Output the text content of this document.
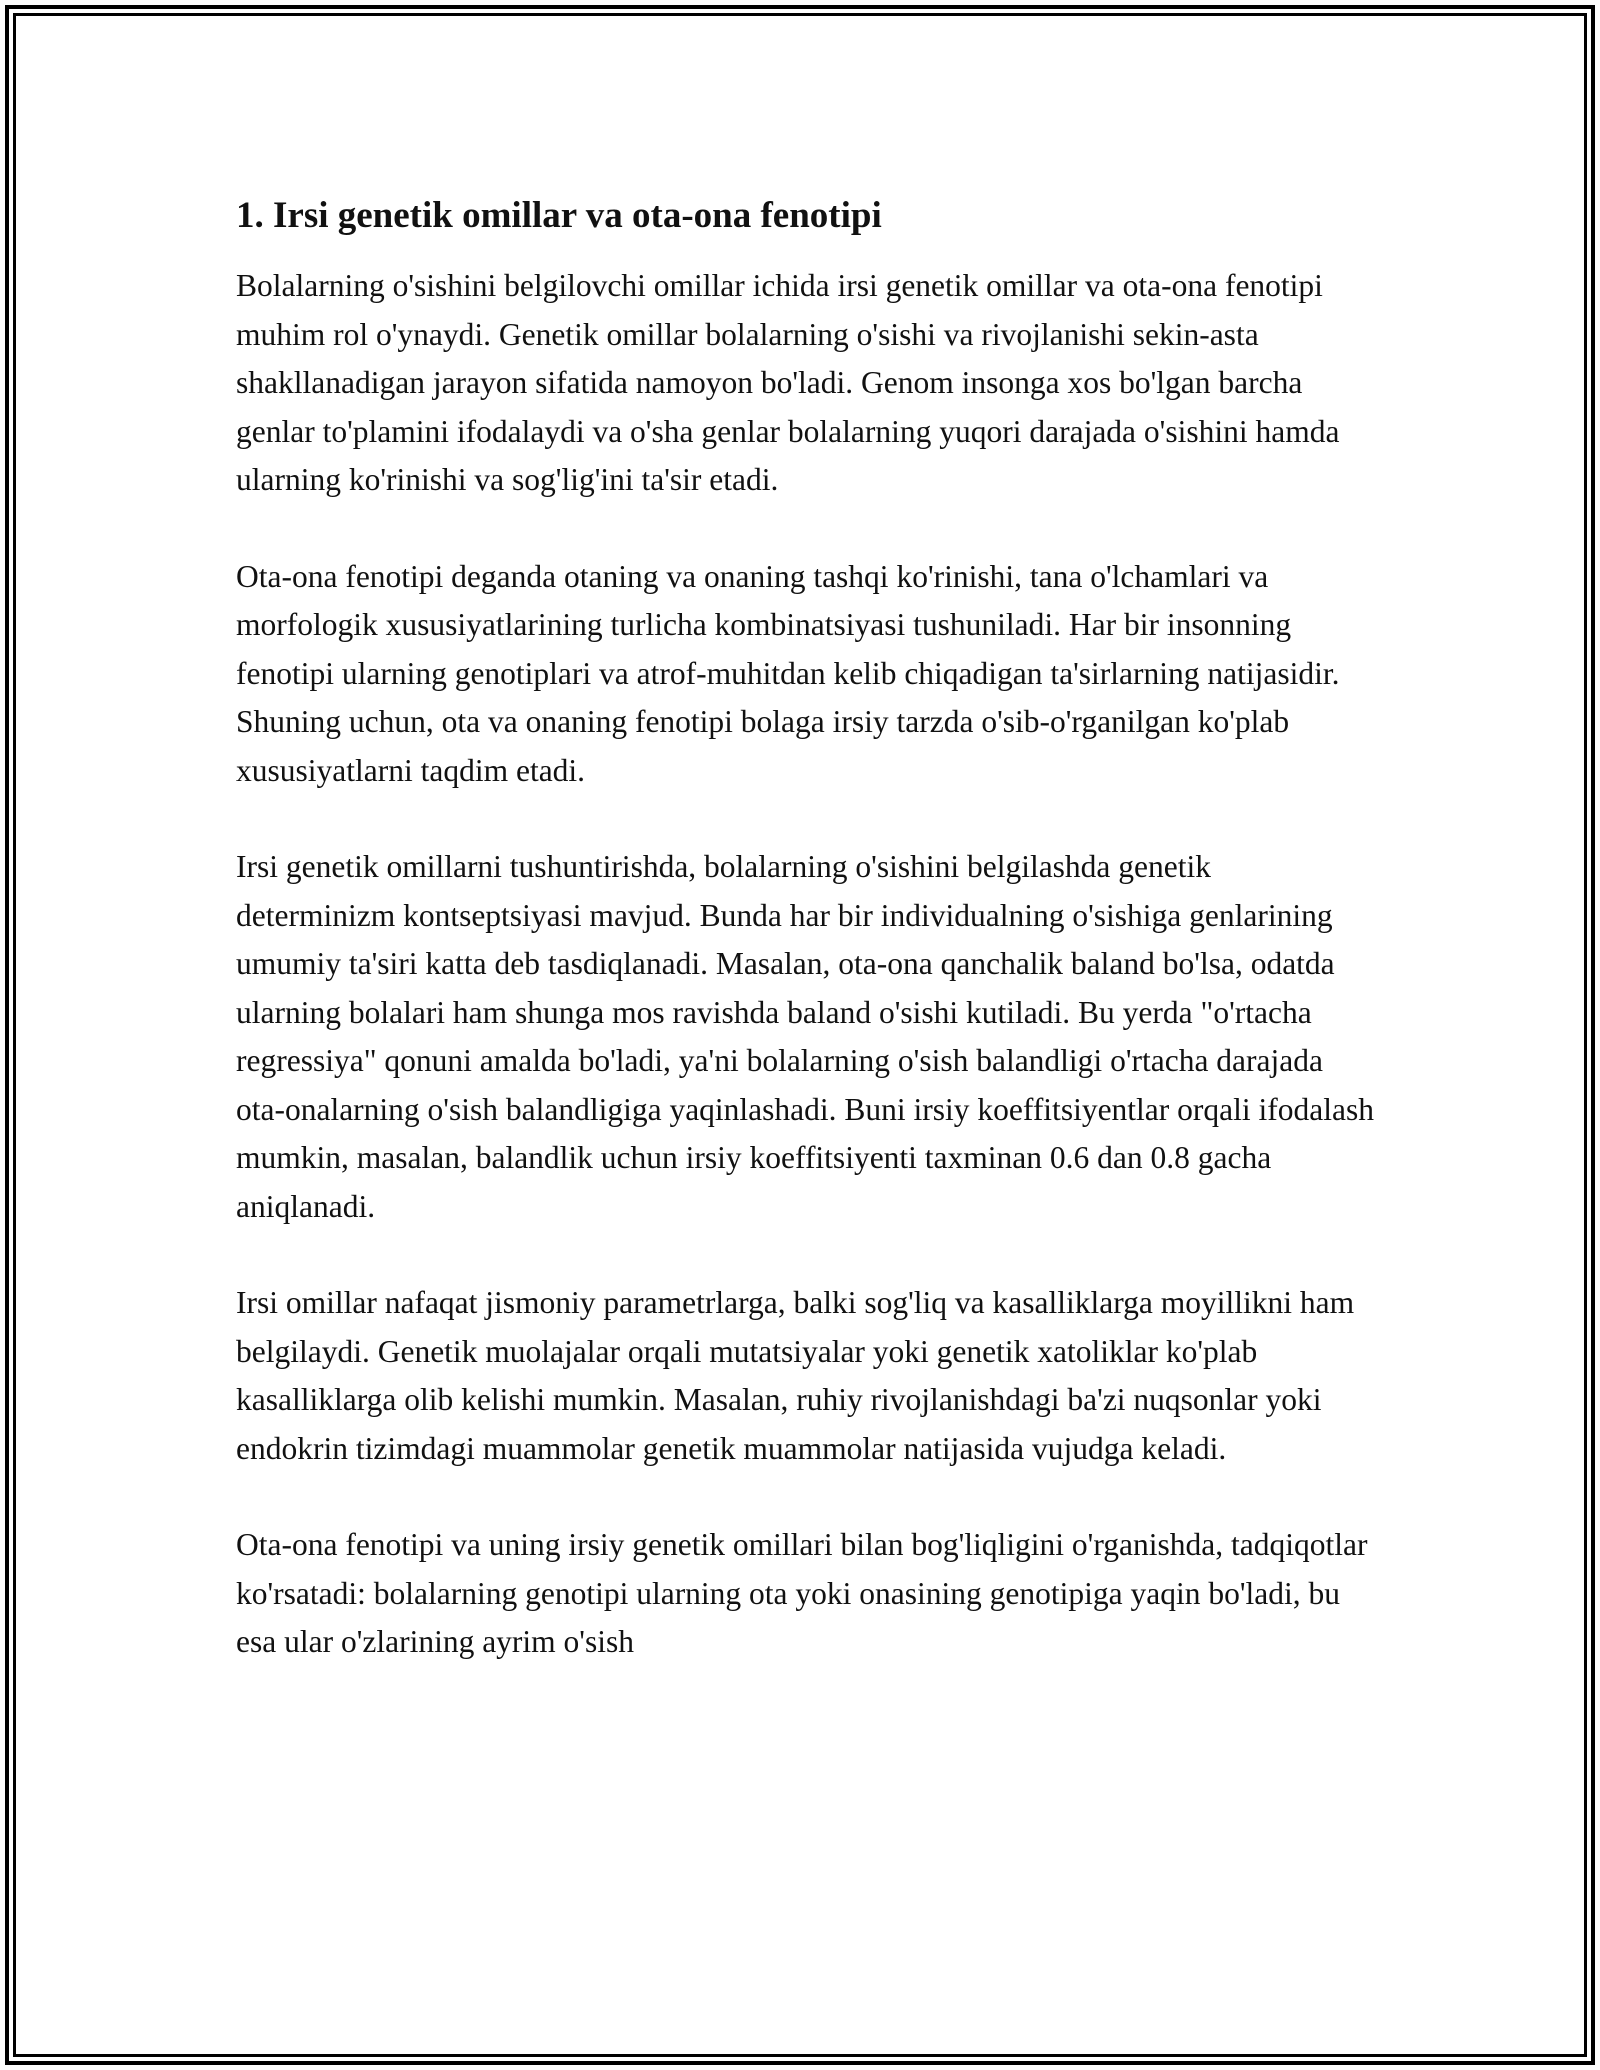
1. Irsi genetik omillar va ota-ona fenotipi

Bolalarning o'sishini belgilovchi omillar ichida irsi genetik omillar va ota-ona fenotipi muhim rol o'ynaydi. Genetik omillar bolalarning o'sishi va rivojlanishi sekin-asta shakllanadigan jarayon sifatida namoyon bo'ladi. Genom insonga xos bo'lgan barcha genlar to'plamini ifodalaydi va o'sha genlar bolalarning yuqori darajada o'sishini hamda ularning ko'rinishi va sog'lig'ini ta'sir etadi.

Ota-ona fenotipi deganda otaning va onaning tashqi ko'rinishi, tana o'lchamlari va morfologik xususiyatlarining turlicha kombinatsiyasi tushuniladi. Har bir insonning fenotipi ularning genotiplari va atrof-muhitdan kelib chiqadigan ta'sirlarning natijasidir. Shuning uchun, ota va onaning fenotipi bolaga irsiy tarzda o'sib-o'rganilgan ko'plab xususiyatlarni taqdim etadi.

Irsi genetik omillarni tushuntirishda, bolalarning o'sishini belgilashda genetik determinizm kontseptsiyasi mavjud. Bunda har bir individualning o'sishiga genlarining umumiy ta'siri katta deb tasdiqlanadi. Masalan, ota-ona qanchalik baland bo'lsa, odatda ularning bolalari ham shunga mos ravishda baland o'sishi kutiladi. Bu yerda "o'rtacha regressiya" qonuni amalda bo'ladi, ya'ni bolalarning o'sish balandligi o'rtacha darajada ota-onalarning o'sish balandligiga yaqinlashadi. Buni irsiy koeffitsiyentlar orqali ifodalash mumkin, masalan, balandlik uchun irsiy koeffitsiyenti taxminan 0.6 dan 0.8 gacha aniqlanadi.

Irsi omillar nafaqat jismoniy parametrlarga, balki sog'liq va kasalliklarga moyillikni ham belgilaydi. Genetik muolajalar orqali mutatsiyalar yoki genetik xatoliklar ko'plab kasalliklarga olib kelishi mumkin. Masalan, ruhiy rivojlanishdagi ba'zi nuqsonlar yoki endokrin tizimdagi muammolar genetik muammolar natijasida vujudga keladi.

Ota-ona fenotipi va uning irsiy genetik omillari bilan bog'liqligini o'rganishda, tadqiqotlar ko'rsatadi: bolalarning genotipi ularning ota yoki onasining genotipiga yaqin bo'ladi, bu esa ular o'zlarining ayrim o'sish
